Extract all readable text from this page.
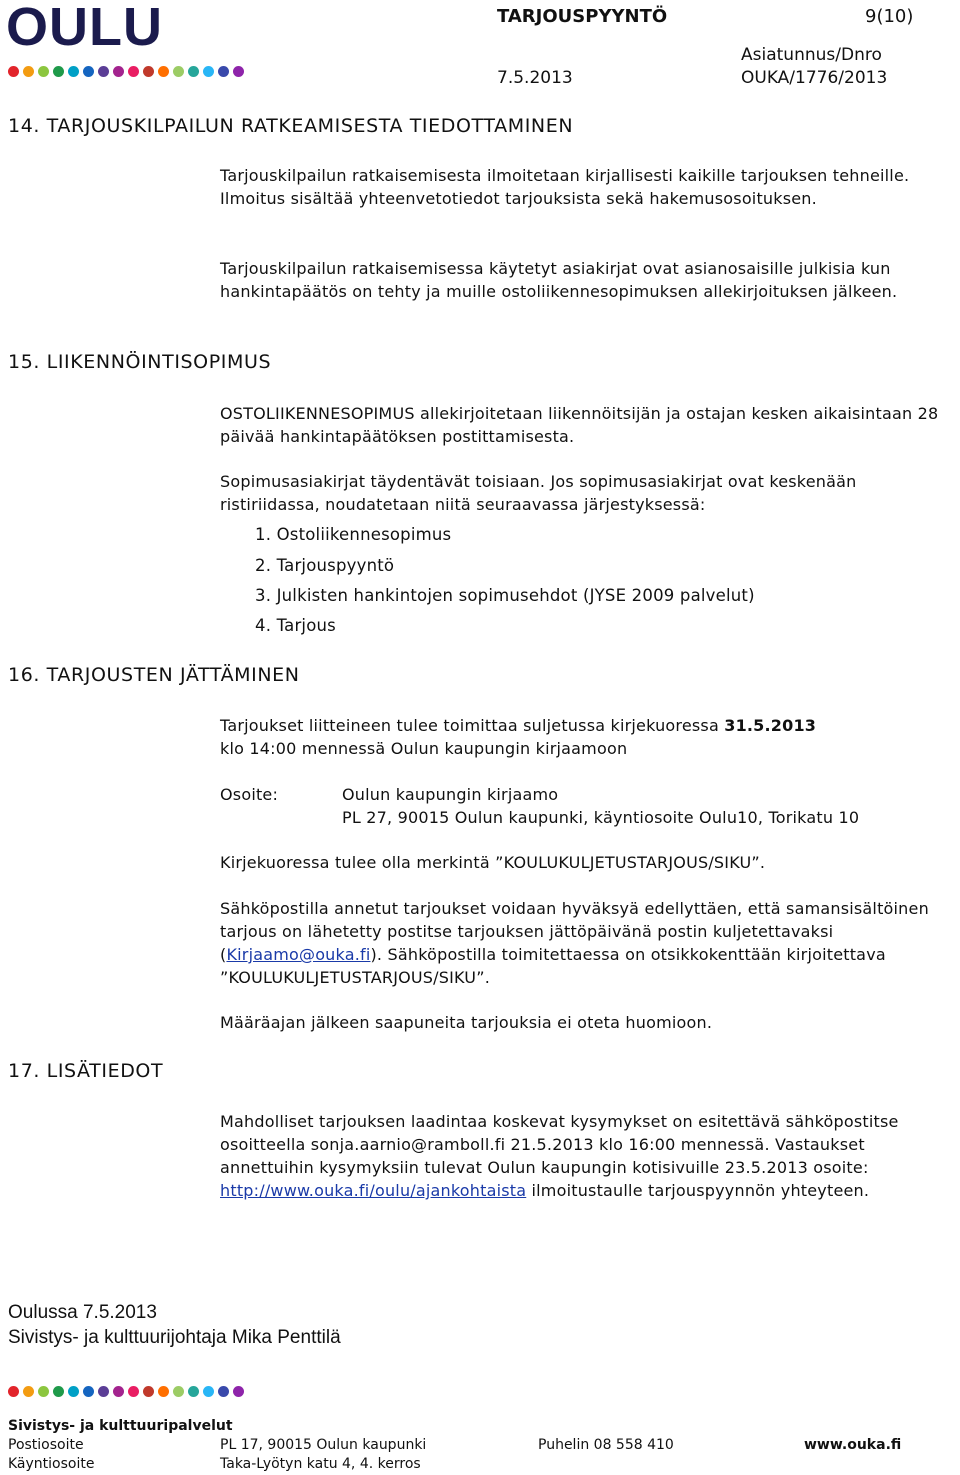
OULU	TARJOUSPYYNTÖ	9(10)
Asiatunnus/Dnro
7.5.2013	OUKA/1776/2013
14. TARJOUSKILPAILUN RATKEAMISESTA TIEDOTTAMINEN
Tarjouskilpailun ratkaisemisesta ilmoitetaan kirjallisesti kaikille tarjouksen tehneille. Ilmoitus sisältää yhteenvetotiedot tarjouksista sekä hakemusosoituksen.
Tarjouskilpailun ratkaisemisessa käytetyt asiakirjat ovat asianosaisille julkisia kun hankintapäätös on tehty ja muille ostoliikennesopimuksen allekirjoituksen jälkeen.
15. LIIKENNÖINTISOPIMUS
OSTOLIIKENNESOPIMUS allekirjoitetaan liikennöitsijän ja ostajan kesken aikaisintaan 28 päivää hankintapäätöksen postittamisesta.
Sopimusasiakirjat täydentävät toisiaan. Jos sopimusasiakirjat ovat keskenään ristiriidassa, noudatetaan niitä seuraavassa järjestyksessä:
1. Ostoliikennesopimus
2. Tarjouspyyntö
3. Julkisten hankintojen sopimusehdot (JYSE 2009 palvelut)
4. Tarjous
16. TARJOUSTEN JÄTTÄMINEN
Tarjoukset liitteineen tulee toimittaa suljetussa kirjekuoressa 31.5.2013
klo 14:00 mennessä Oulun kaupungin kirjaamoon
Osoite:	Oulun kaupungin kirjaamo
PL 27, 90015 Oulun kaupunki, käyntiosoite Oulu10, Torikatu 10
Kirjekuoressa tulee olla merkintä ”KOULUKULJETUSTARJOUS/SIKU”.
Sähköpostilla annetut tarjoukset voidaan hyväksyä edellyttäen, että samansisältöinen tarjous on lähetetty postitse tarjouksen jättöpäivänä postin kuljetettavaksi (Kirjaamo@ouka.fi). Sähköpostilla toimitettaessa on otsikkokenttään kirjoitettava ”KOULUKULJETUSTARJOUS/SIKU”.
Määräajan jälkeen saapuneita tarjouksia ei oteta huomioon.
17. LISÄTIEDOT
Mahdolliset tarjouksen laadintaa koskevat kysymykset on esitettävä sähköpostitse osoitteella sonja.aarnio@ramboll.fi 21.5.2013 klo 16:00 mennessä. Vastaukset annettuihin kysymyksiin tulevat Oulun kaupungin kotisivuille 23.5.2013 osoite: http://www.ouka.fi/oulu/ajankohtaista ilmoitustaulle tarjouspyynnön yhteyteen.
Oulussa 7.5.2013
Sivistys- ja kulttuurijohtaja Mika Penttilä
Sivistys- ja kulttuuripalvelut
Postiosoite	PL 17, 90015 Oulun kaupunki	Puhelin 08 558 410	www.ouka.fi
Käyntiosoite	Taka-Lyötyn katu 4, 4. kerros
